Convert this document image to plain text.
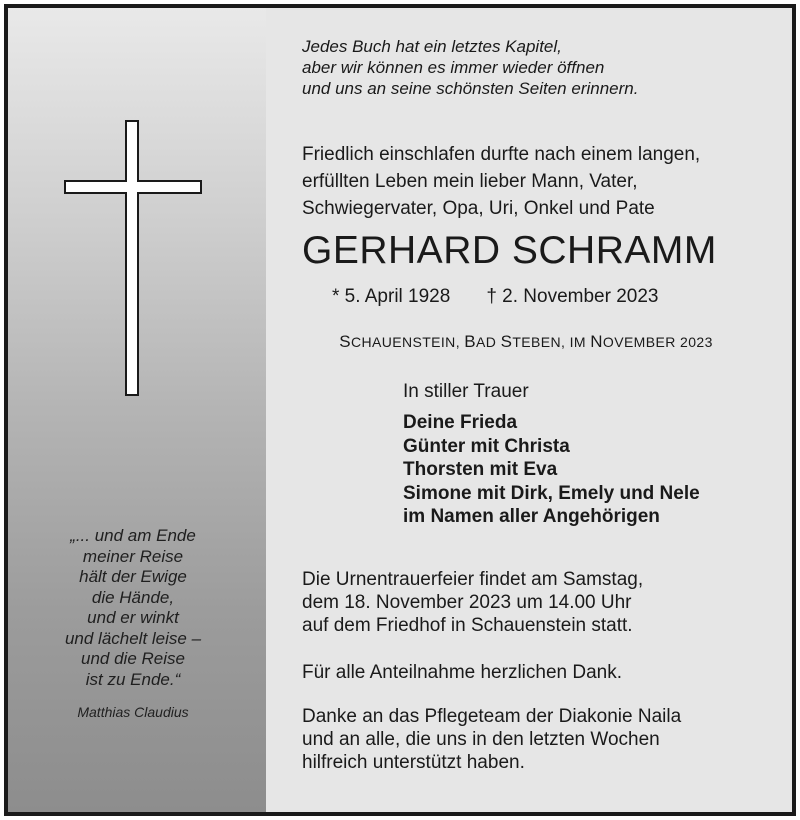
„... und am Ende
meiner Reise
hält der Ewige
die Hände,
und er winkt
und lächelt leise –
und die Reise
ist zu Ende.“
Matthias Claudius
Jedes Buch hat ein letztes Kapitel,
aber wir können es immer wieder öffnen
und uns an seine schönsten Seiten erinnern.
Friedlich einschlafen durfte nach einem langen,
erfüllten Leben mein lieber Mann, Vater,
Schwiegervater, Opa, Uri, Onkel und Pate
GERHARD SCHRAMM
* 5. April 1928 † 2. November 2023
SCHAUENSTEIN, BAD STEBEN, IM NOVEMBER 2023
In stiller Trauer
Deine Frieda
Günter mit Christa
Thorsten mit Eva
Simone mit Dirk, Emely und Nele
im Namen aller Angehörigen
Die Urnentrauerfeier findet am Samstag,
dem 18. November 2023 um 14.00 Uhr
auf dem Friedhof in Schauenstein statt.
Für alle Anteilnahme herzlichen Dank.
Danke an das Pflegeteam der Diakonie Naila
und an alle, die uns in den letzten Wochen
hilfreich unterstützt haben.
